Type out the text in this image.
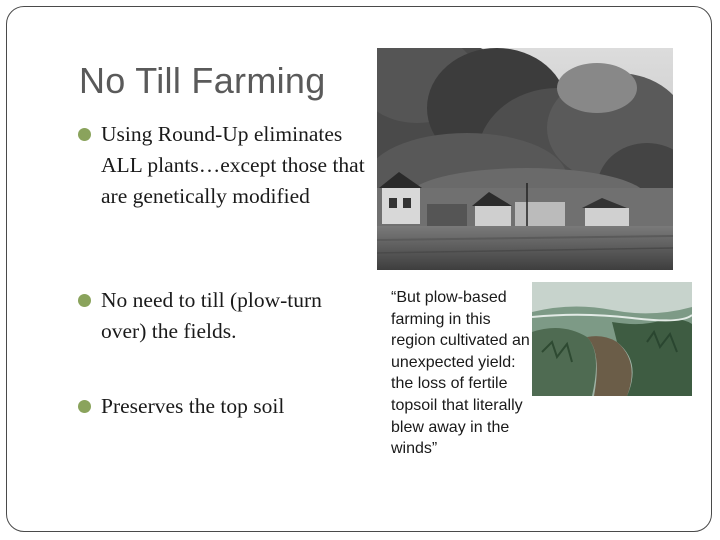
No Till Farming
Using Round-Up eliminates ALL plants…except those that are genetically modified
No need to till (plow-turn over) the fields.
Preserves the top soil
“But plow-based farming in this region cultivated an unexpected yield: the loss of fertile topsoil that literally blew away in the winds”
